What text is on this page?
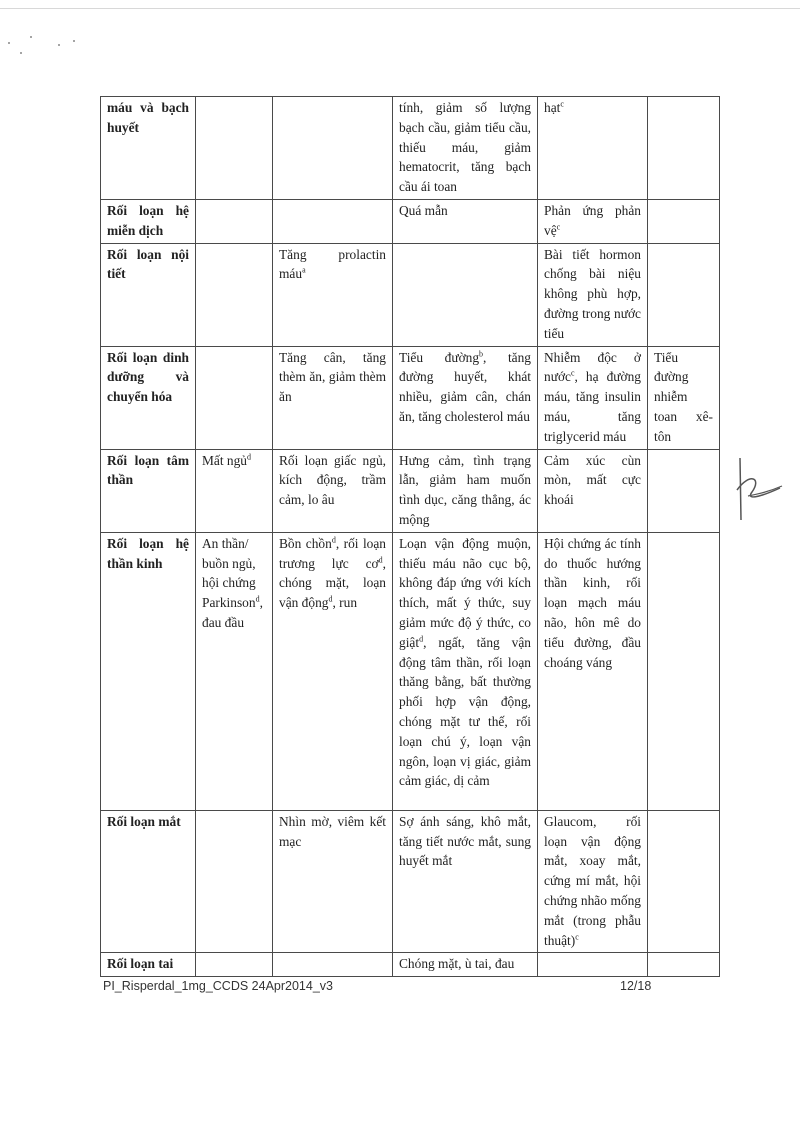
máu và bạch huyết			tính, giảm số lượng bạch cầu, giảm tiểu cầu, thiếu máu, giảm hematocrit, tăng bạch cầu ái toan	hạt$^c$	
Rối loạn hệ miễn dịch			Quá mẫn	Phản ứng phản vệ$^c$	
Rối loạn nội tiết		Tăng prolactin máu$^a$		Bài tiết hormon chống bài niệu không phù hợp, đường trong nước tiểu	
Rối loạn dinh dưỡng và chuyển hóa		Tăng cân, tăng thèm ăn, giảm thèm ăn	Tiểu đường$^b$, tăng đường huyết, khát nhiều, giảm cân, chán ăn, tăng cholesterol máu	Nhiễm độc ở nước$^c$, hạ đường máu, tăng insulin máu, tăng triglycerid máu	Tiểu đường nhiễm toan xê-tôn
Rối loạn tâm thần	Mất ngủ$^d$	Rối loạn giấc ngủ, kích động, trầm cảm, lo âu	Hưng cảm, tình trạng lẫn, giảm ham muốn tình dục, căng thẳng, ác mộng	Cảm xúc cùn mòn, mất cực khoái	
Rối loạn hệ thần kinh	An thần/ buồn ngủ, hội chứng Parkinson$^d$, đau đầu	Bồn chồn$^d$, rối loạn trương lực $cơ^d$, chóng mặt, loạn vận động$^d$, run	Loạn vận động muộn, thiếu máu não cục bộ, không đáp ứng với kích thích, mất ý thức, suy giảm mức độ ý thức, co giật$^d$, ngất, tăng vận động tâm thần, rối loạn thăng bằng, bất thường phối hợp vận động, chóng mặt tư thế, rối loạn chú ý, loạn vận ngôn, loạn vị giác, giảm cảm giác, dị cảm	Hội chứng ác tính do thuốc hướng thần kinh, rối loạn mạch máu não, hôn mê do tiểu đường, đầu choáng váng	
Rối loạn mắt		Nhìn mờ, viêm kết mạc	Sợ ánh sáng, khô mắt, tăng tiết nước mắt, sung huyết mắt	Glaucom, rối loạn vận động mắt, xoay mắt, cứng mí mắt, hội chứng nhão mống mắt (trong phẫu thuật)$^c$	
Rối loạn tai			Chóng mặt, ù tai, đau		
PI_Risperdal_1mg_CCDS 24Apr2014_v3	12/18
